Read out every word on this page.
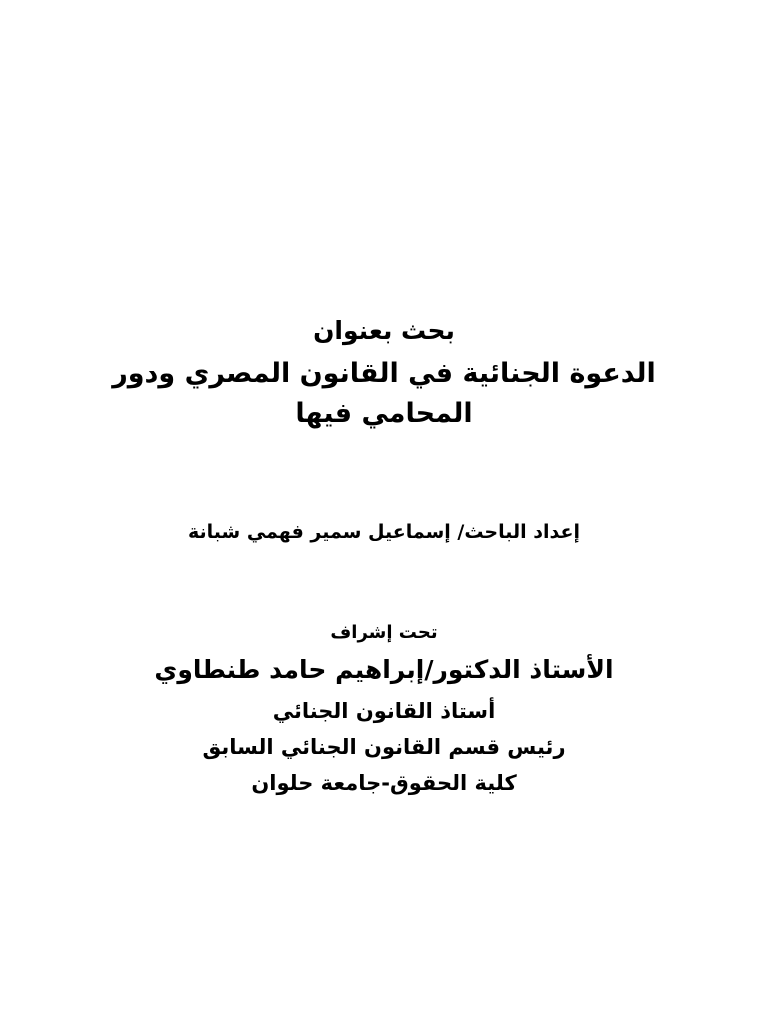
بحث بعنوان
الدعوة الجنائية في القانون المصري ودور
المحامي فيها
إعداد الباحث/ إسماعيل سمير فهمي شبانة
تحت إشراف
الأستاذ الدكتور/إبراهيم حامد طنطاوي
أستاذ القانون الجنائي
رئيس قسم القانون الجنائي السابق
كلية الحقوق-جامعة حلوان
